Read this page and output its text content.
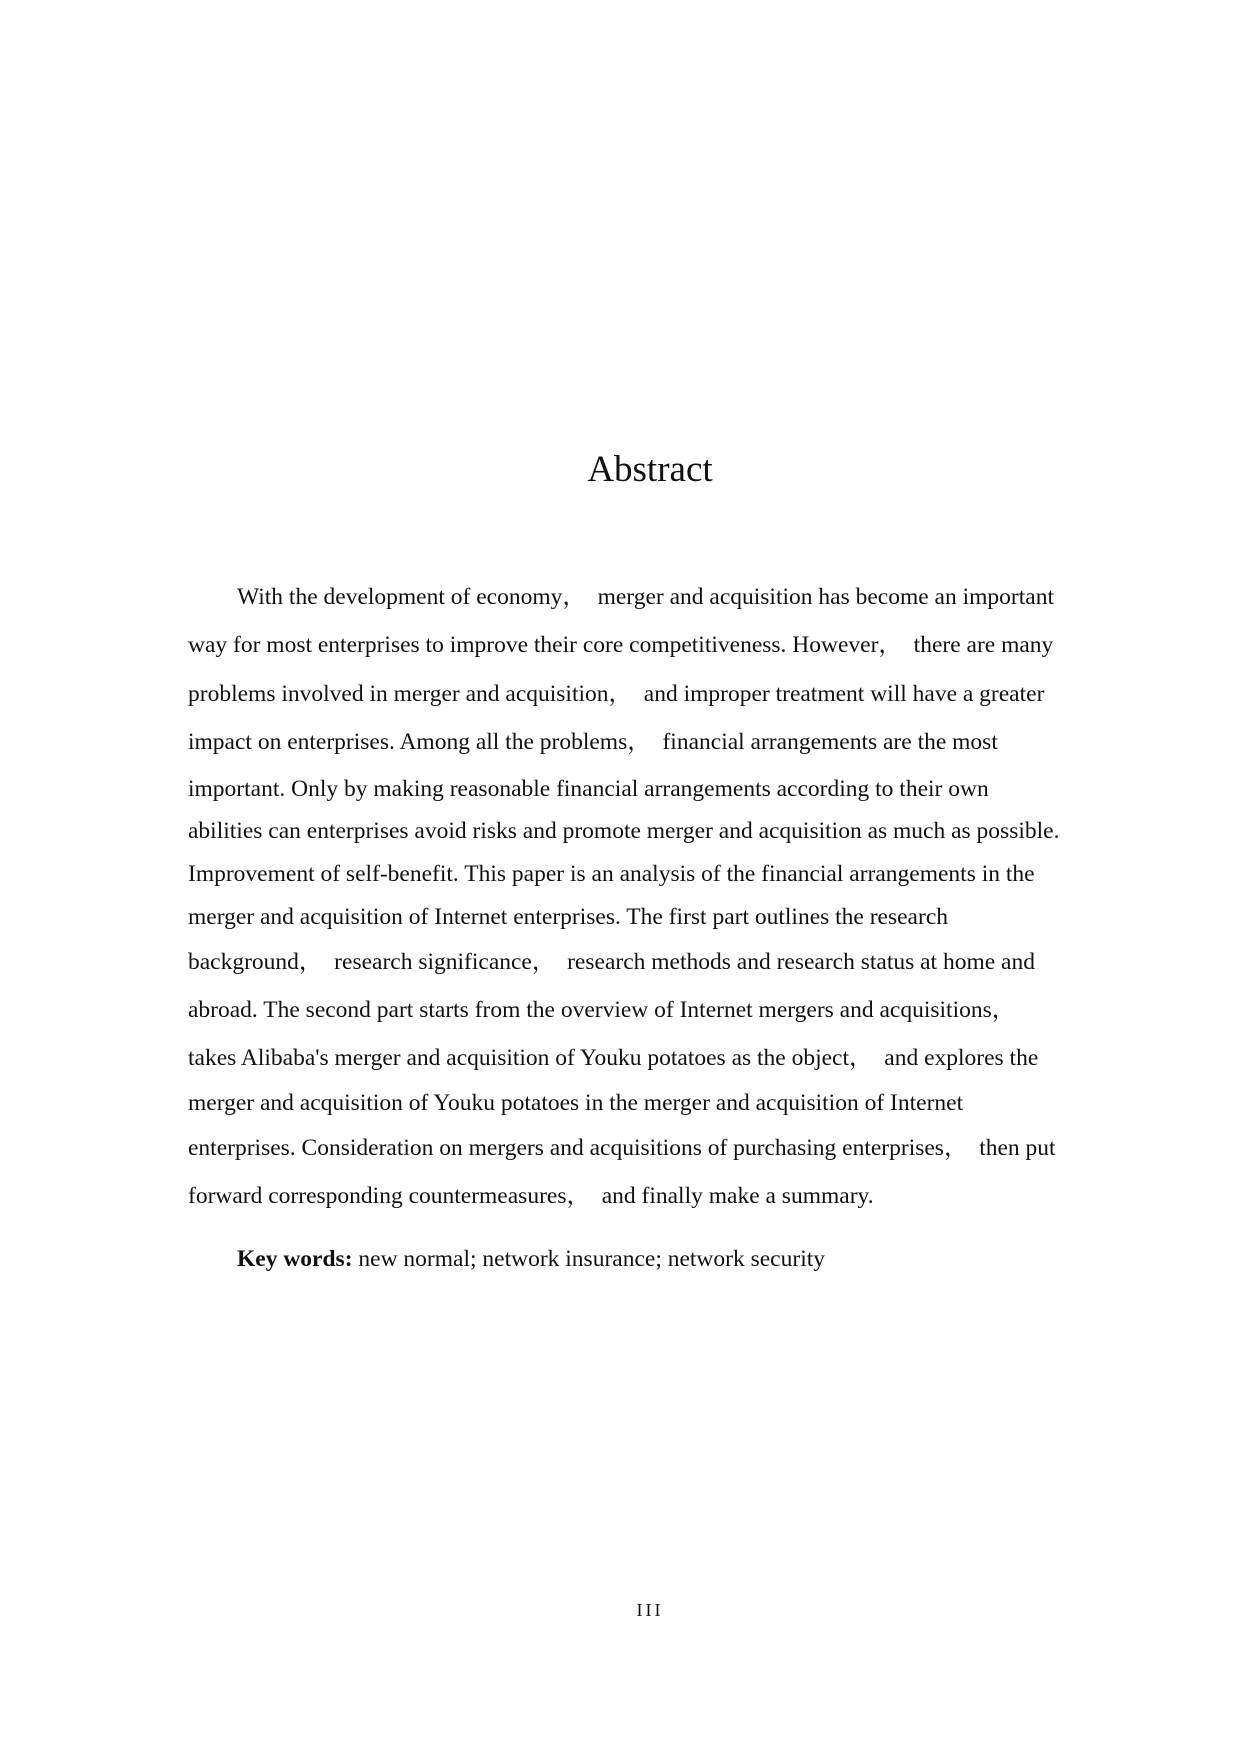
Abstract
With the development of economy，  merger and acquisition has become an important
way for most enterprises to improve their core competitiveness. However，  there are many
problems involved in merger and acquisition，  and improper treatment will have a greater
impact on enterprises. Among all the problems，  financial arrangements are the most
important. Only by making reasonable financial arrangements according to their own
abilities can enterprises avoid risks and promote merger and acquisition as much as possible.
Improvement of self-benefit. This paper is an analysis of the financial arrangements in the
merger and acquisition of Internet enterprises. The first part outlines the research
background，  research significance，  research methods and research status at home and
abroad. The second part starts from the overview of Internet mergers and acquisitions，
takes Alibaba's merger and acquisition of Youku potatoes as the object，  and explores the
merger and acquisition of Youku potatoes in the merger and acquisition of Internet
enterprises. Consideration on mergers and acquisitions of purchasing enterprises，  then put
forward corresponding countermeasures，  and finally make a summary.
Key words: new normal; network insurance; network security
III
